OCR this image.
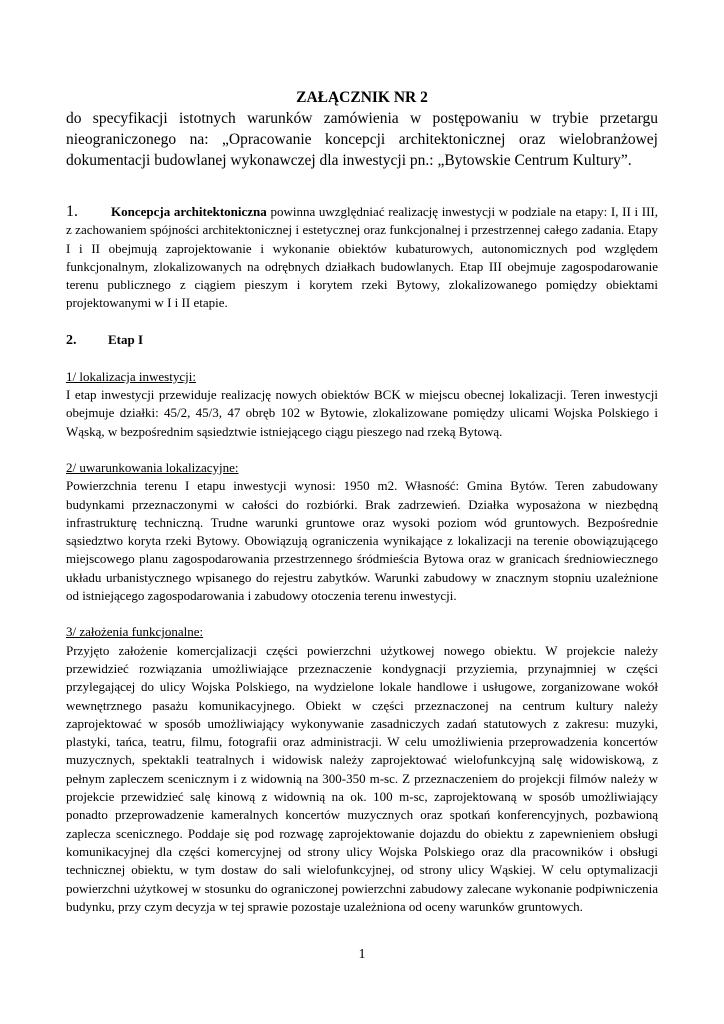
ZAŁĄCZNIK NR 2

do specyfikacji istotnych warunków zamówienia w postępowaniu w trybie przetargu nieograniczonego na: „Opracowanie koncepcji architektonicznej oraz wielobranżowej dokumentacji budowlanej wykonawczej dla inwestycji pn.: „Bytowskie Centrum Kultury”.

1.	Koncepcja architektoniczna powinna uwzględniać realizację inwestycji w podziale na etapy: I, II i III, z zachowaniem spójności architektonicznej i estetycznej oraz funkcjonalnej i przestrzennej całego zadania. Etapy I i II obejmują zaprojektowanie i wykonanie obiektów kubaturowych, autonomicznych pod względem funkcjonalnym, zlokalizowanych na odrębnych działkach budowlanych. Etap III obejmuje zagospodarowanie terenu publicznego z ciągiem pieszym i korytem rzeki Bytowy, zlokalizowanego pomiędzy obiektami projektowanymi w I i II etapie.

2. Etap I

1/ lokalizacja inwestycji:

I etap inwestycji przewiduje realizację nowych obiektów BCK w miejscu obecnej lokalizacji. Teren inwestycji obejmuje działki: 45/2, 45/3, 47 obręb 102 w Bytowie, zlokalizowane pomiędzy ulicami Wojska Polskiego i Wąską, w bezpośrednim sąsiedztwie istniejącego ciągu pieszego nad rzeką Bytową.

2/ uwarunkowania lokalizacyjne:

Powierzchnia terenu I etapu inwestycji wynosi: 1950 m2. Własność: Gmina Bytów. Teren zabudowany budynkami przeznaczonymi w całości do rozbiórki. Brak zadrzewień. Działka wyposażona w niezbędną infrastrukturę techniczną. Trudne warunki gruntowe oraz wysoki poziom wód gruntowych. Bezpośrednie sąsiedztwo koryta rzeki Bytowy. Obowiązują ograniczenia wynikające z lokalizacji na terenie obowiązującego miejscowego planu zagospodarowania przestrzennego śródmieścia Bytowa oraz w granicach średniowiecznego układu urbanistycznego wpisanego do rejestru zabytków. Warunki zabudowy w znacznym stopniu uzależnione od istniejącego zagospodarowania i zabudowy otoczenia terenu inwestycji.

3/ założenia funkcjonalne:

Przyjęto założenie komercjalizacji części powierzchni użytkowej nowego obiektu. W projekcie należy przewidzieć rozwiązania umożliwiające przeznaczenie kondygnacji przyziemia, przynajmniej w części przylegającej do ulicy Wojska Polskiego, na wydzielone lokale handlowe i usługowe, zorganizowane wokół wewnętrznego pasażu komunikacyjnego. Obiekt w części przeznaczonej na centrum kultury należy zaprojektować w sposób umożliwiający wykonywanie zasadniczych zadań statutowych z zakresu: muzyki, plastyki, tańca, teatru, filmu, fotografii oraz administracji. W celu umożliwienia przeprowadzenia koncertów muzycznych, spektakli teatralnych i widowisk należy zaprojektować wielofunkcyjną salę widowiskową, z pełnym zapleczem scenicznym i z widownią na 300-350 m-sc. Z przeznaczeniem do projekcji filmów należy w projekcie przewidzieć salę kinową z widownią na ok. 100 m-sc, zaprojektowaną w sposób umożliwiający ponadto przeprowadzenie kameralnych koncertów muzycznych oraz spotkań konferencyjnych, pozbawioną zaplecza scenicznego. Poddaje się pod rozwagę zaprojektowanie dojazdu do obiektu z zapewnieniem obsługi komunikacyjnej dla części komercyjnej od strony ulicy Wojska Polskiego oraz dla pracowników i obsługi technicznej obiektu, w tym dostaw do sali wielofunkcyjnej, od strony ulicy Wąskiej. W celu optymalizacji powierzchni użytkowej w stosunku do ograniczonej powierzchni zabudowy zalecane wykonanie podpiwniczenia budynku, przy czym decyzja w tej sprawie pozostaje uzależniona od oceny warunków gruntowych.

1
